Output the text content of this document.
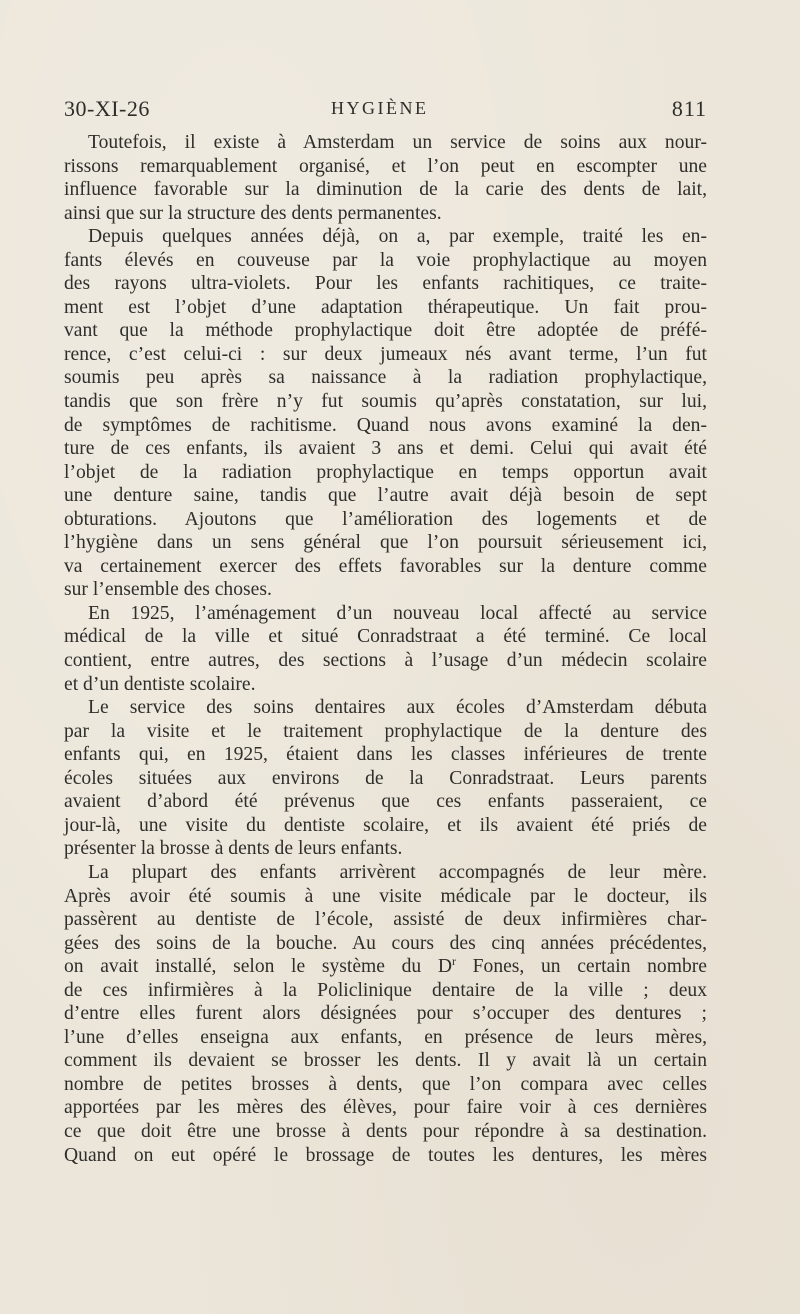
30-XI-26	HYGIÈNE	811
Toutefois, il existe à Amsterdam un service de soins aux nour-
rissons remarquablement organisé, et l’on peut en escompter une
influence favorable sur la diminution de la carie des dents de lait,
ainsi que sur la structure des dents permanentes.
Depuis quelques années déjà, on a, par exemple, traité les en-
fants élevés en couveuse par la voie prophylactique au moyen
des rayons ultra-violets. Pour les enfants rachitiques, ce traite-
ment est l’objet d’une adaptation thérapeutique. Un fait prou-
vant que la méthode prophylactique doit être adoptée de préfé-
rence, c’est celui-ci : sur deux jumeaux nés avant terme, l’un fut
soumis peu après sa naissance à la radiation prophylactique,
tandis que son frère n’y fut soumis qu’après constatation, sur lui,
de symptômes de rachitisme. Quand nous avons examiné la den-
ture de ces enfants, ils avaient 3 ans et demi. Celui qui avait été
l’objet de la radiation prophylactique en temps opportun avait
une denture saine, tandis que l’autre avait déjà besoin de sept
obturations. Ajoutons que l’amélioration des logements et de
l’hygiène dans un sens général que l’on poursuit sérieusement ici,
va certainement exercer des effets favorables sur la denture comme
sur l’ensemble des choses.
En 1925, l’aménagement d’un nouveau local affecté au service
médical de la ville et situé Conradstraat a été terminé. Ce local
contient, entre autres, des sections à l’usage d’un médecin scolaire
et d’un dentiste scolaire.
Le service des soins dentaires aux écoles d’Amsterdam débuta
par la visite et le traitement prophylactique de la denture des
enfants qui, en 1925, étaient dans les classes inférieures de trente
écoles situées aux environs de la Conradstraat. Leurs parents
avaient d’abord été prévenus que ces enfants passeraient, ce
jour-là, une visite du dentiste scolaire, et ils avaient été priés de
présenter la brosse à dents de leurs enfants.
La plupart des enfants arrivèrent accompagnés de leur mère.
Après avoir été soumis à une visite médicale par le docteur, ils
passèrent au dentiste de l’école, assisté de deux infirmières char-
gées des soins de la bouche. Au cours des cinq années précédentes,
on avait installé, selon le système du $D^r$ Fones, un certain nombre
de ces infirmières à la Policlinique dentaire de la ville ; deux
d’entre elles furent alors désignées pour s’occuper des dentures ;
l’une d’elles enseigna aux enfants, en présence de leurs mères,
comment ils devaient se brosser les dents. Il y avait là un certain
nombre de petites brosses à dents, que l’on compara avec celles
apportées par les mères des élèves, pour faire voir à ces dernières
ce que doit être une brosse à dents pour répondre à sa destination.
Quand on eut opéré le brossage de toutes les dentures, les mères
